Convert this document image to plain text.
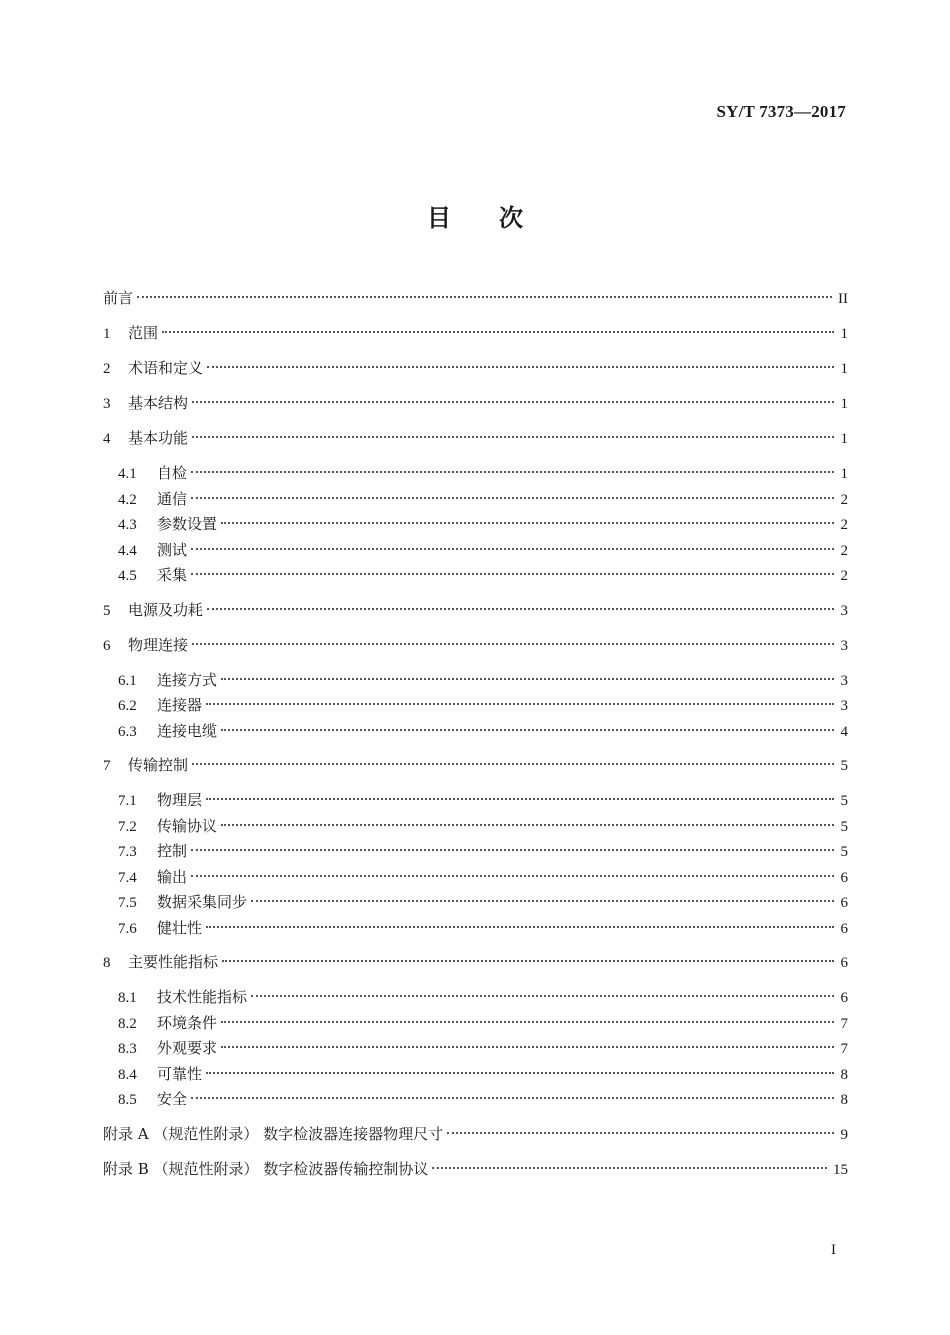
SY/T 7373—2017
目次
前言	II
1	范围	1
2	术语和定义	1
3	基本结构	1
4	基本功能	1
4.1	自检	1
4.2	通信	2
4.3	参数设置	2
4.4	测试	2
4.5	采集	2
5	电源及功耗	3
6	物理连接	3
6.1	连接方式	3
6.2	连接器	3
6.3	连接电缆	4
7	传输控制	5
7.1	物理层	5
7.2	传输协议	5
7.3	控制	5
7.4	输出	6
7.5	数据采集同步	6
7.6	健壮性	6
8	主要性能指标	6
8.1	技术性能指标	6
8.2	环境条件	7
8.3	外观要求	7
8.4	可靠性	8
8.5	安全	8
附录 A （规范性附录） 数字检波器连接器物理尺寸	9
附录 B （规范性附录） 数字检波器传输控制协议	15
I
